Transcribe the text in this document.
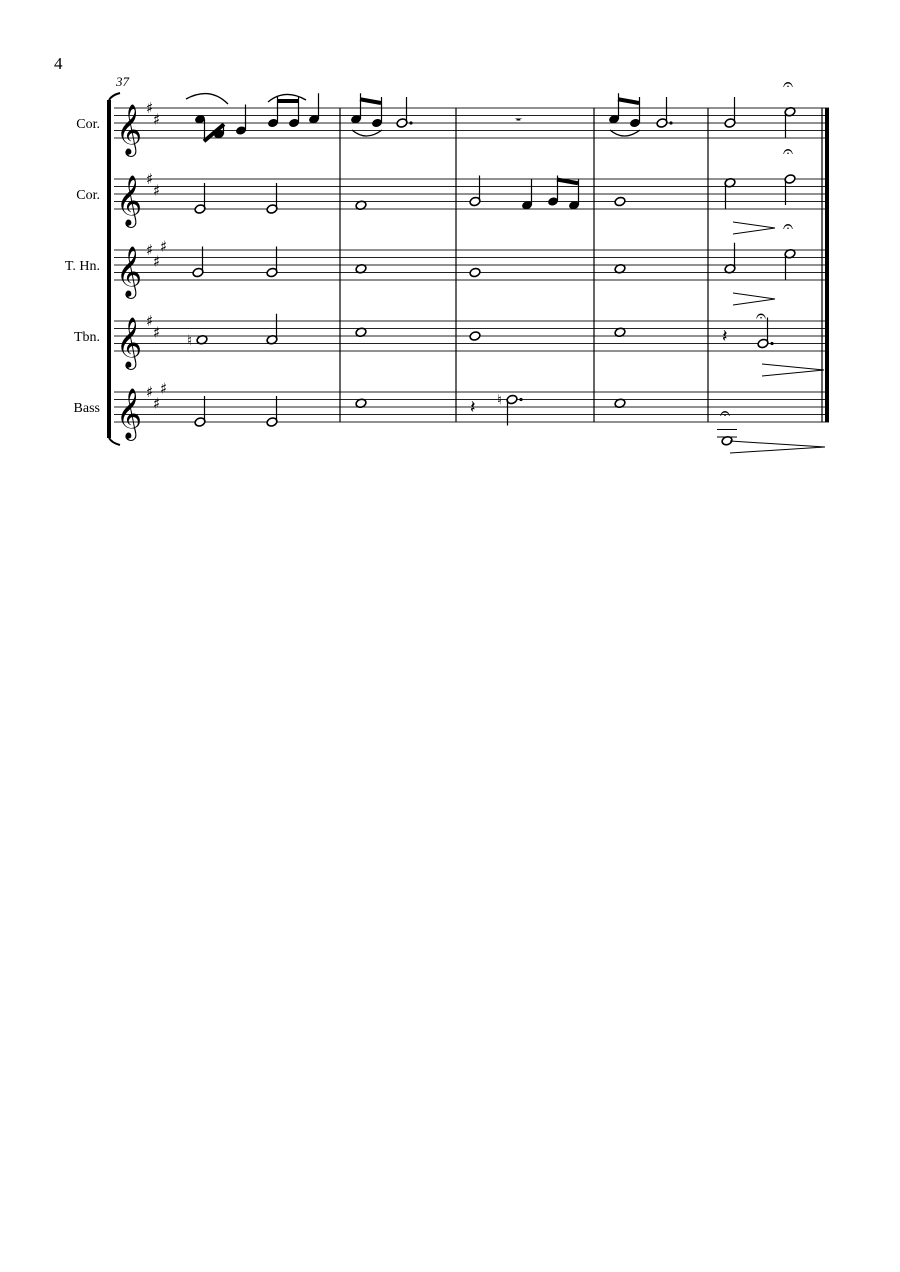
4
37
Cor.
Cor.
T. Hn.
Tbn.
Bass
𝄞 ♯
♯
𝄞 ♯
♯
𝄞 ♯
♯
♯
𝄞 ♯
♯
𝄞 ♯
♯
♯
𝄻
𝄐
𝄐
𝄐
♮	𝄽
𝄐
𝄽 ♮
𝄐
